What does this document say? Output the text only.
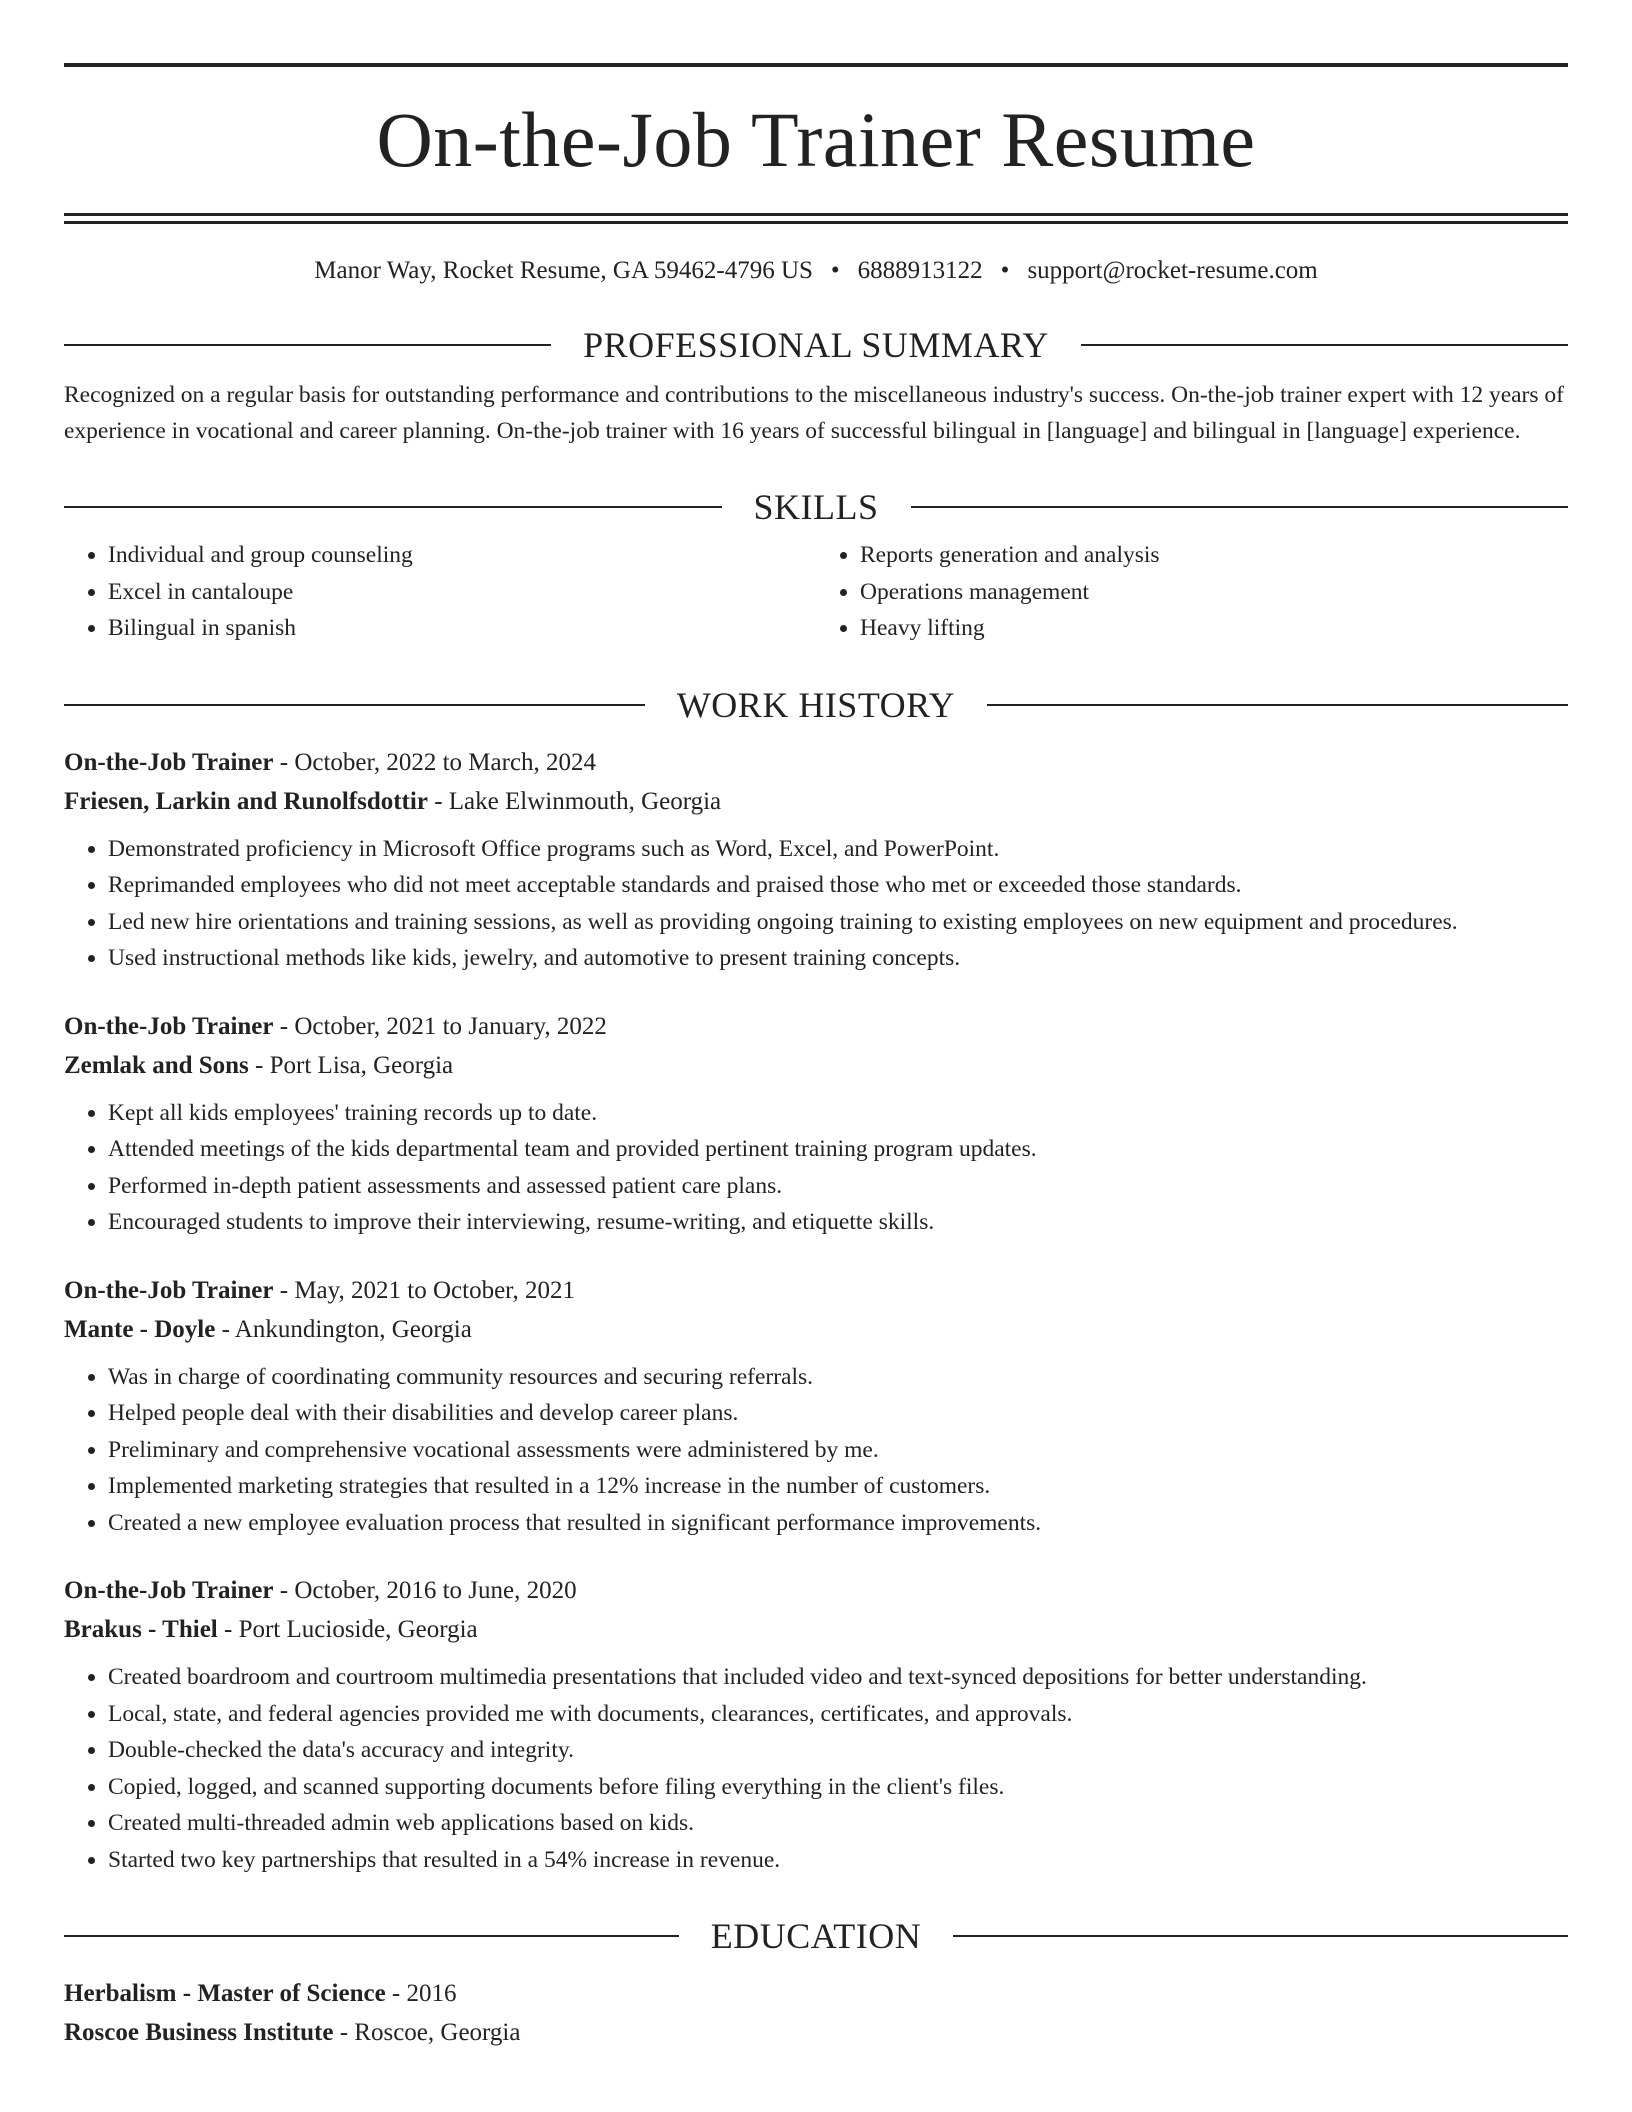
On-the-Job Trainer Resume
Manor Way, Rocket Resume, GA 59462-4796 US • 6888913122 • support@rocket-resume.com
PROFESSIONAL SUMMARY

Recognized on a regular basis for outstanding performance and contributions to the miscellaneous industry's success. On-the-job trainer expert with 12 years of experience in vocational and career planning. On-the-job trainer with 16 years of successful bilingual in [language] and bilingual in [language] experience.

SKILLS
• Individual and group counseling
• Excel in cantaloupe
• Bilingual in spanish
• Reports generation and analysis
• Operations management
• Heavy lifting
WORK HISTORY
On-the-Job Trainer - October, 2022 to March, 2024
Friesen, Larkin and Runolfsdottir - Lake Elwinmouth, Georgia
• Demonstrated proficiency in Microsoft Office programs such as Word, Excel, and PowerPoint.
• Reprimanded employees who did not meet acceptable standards and praised those who met or exceeded those standards.
• Led new hire orientations and training sessions, as well as providing ongoing training to existing employees on new equipment and procedures.
• Used instructional methods like kids, jewelry, and automotive to present training concepts.
On-the-Job Trainer - October, 2021 to January, 2022
Zemlak and Sons - Port Lisa, Georgia
• Kept all kids employees' training records up to date.
• Attended meetings of the kids departmental team and provided pertinent training program updates.
• Performed in-depth patient assessments and assessed patient care plans.
• Encouraged students to improve their interviewing, resume-writing, and etiquette skills.
On-the-Job Trainer - May, 2021 to October, 2021
Mante - Doyle - Ankundington, Georgia
• Was in charge of coordinating community resources and securing referrals.
• Helped people deal with their disabilities and develop career plans.
• Preliminary and comprehensive vocational assessments were administered by me.
• Implemented marketing strategies that resulted in a 12% increase in the number of customers.
• Created a new employee evaluation process that resulted in significant performance improvements.
On-the-Job Trainer - October, 2016 to June, 2020
Brakus - Thiel - Port Lucioside, Georgia
• Created boardroom and courtroom multimedia presentations that included video and text-synced depositions for better understanding.
• Local, state, and federal agencies provided me with documents, clearances, certificates, and approvals.
• Double-checked the data's accuracy and integrity.
• Copied, logged, and scanned supporting documents before filing everything in the client's files.
• Created multi-threaded admin web applications based on kids.
• Started two key partnerships that resulted in a 54% increase in revenue.
EDUCATION
Herbalism - Master of Science - 2016
Roscoe Business Institute - Roscoe, Georgia
